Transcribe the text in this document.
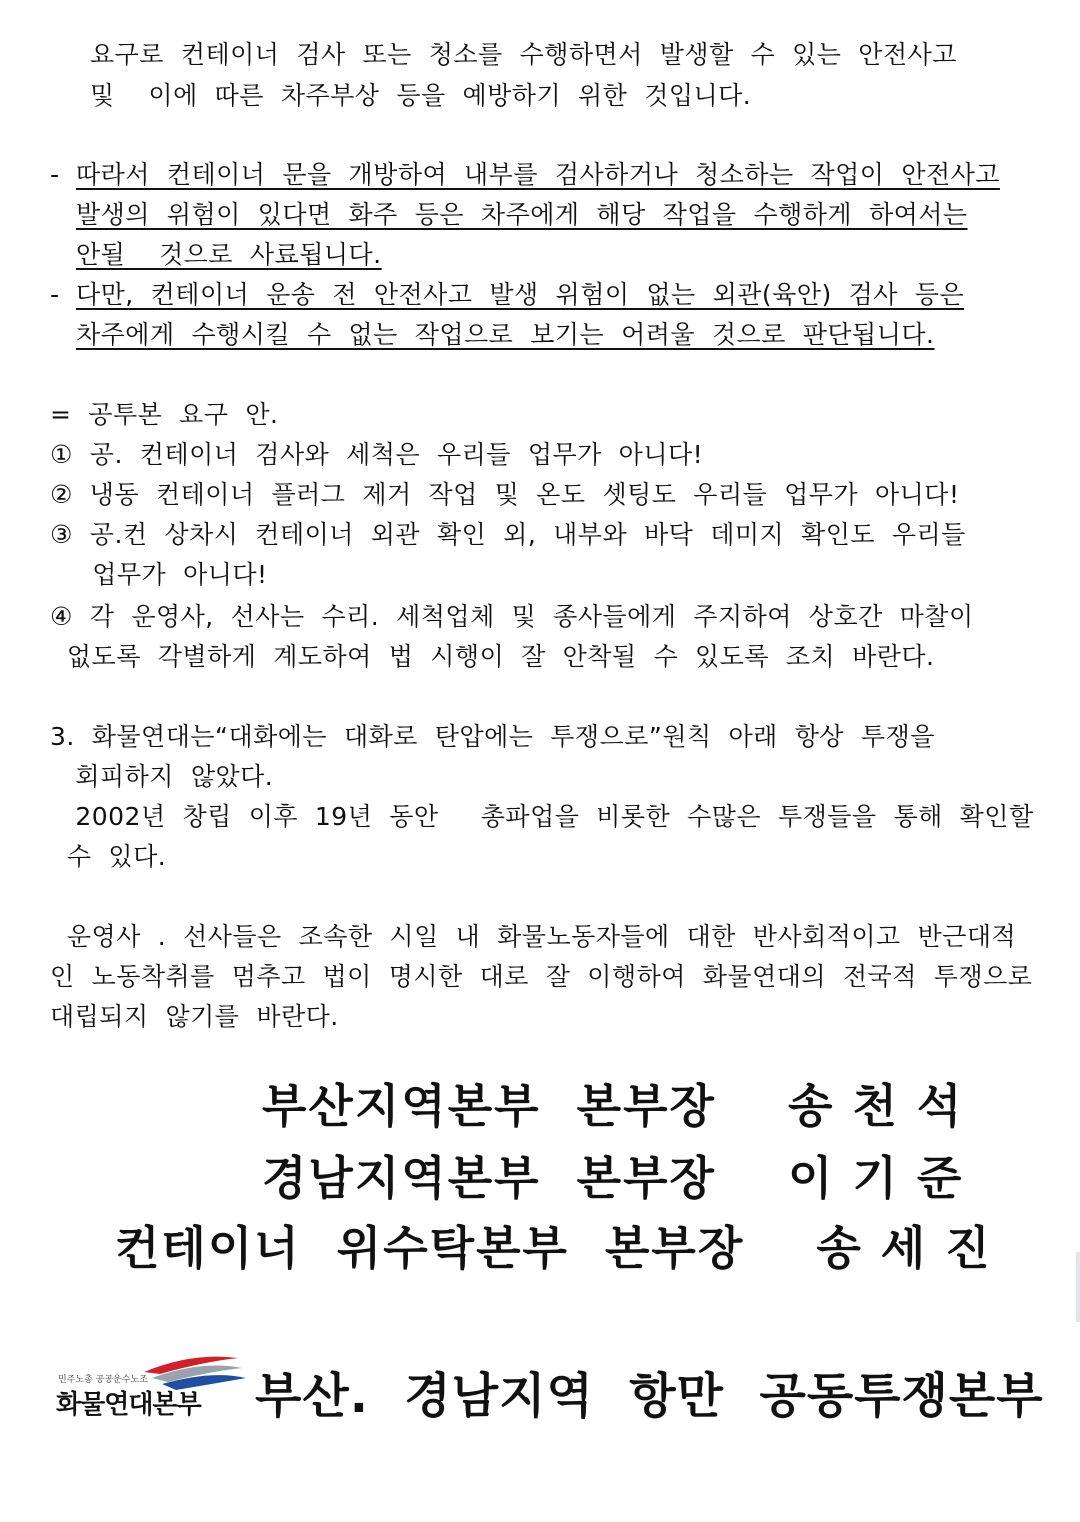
요구로  컨테이너  검사  또는  청소를  수행하면서  발생할  수  있는  안전사고
및    이에  따른  차주부상  등을  예방하기  위한  것입니다.
- 따라서  컨테이너  문을  개방하여  내부를  검사하거나  청소하는  작업이  안전사고
발생의  위험이  있다면  화주  등은  차주에게  해당  작업을  수행하게  하여서는
안될    것으로  사료됩니다.
- 다만,  컨테이너  운송  전  안전사고  발생  위험이  없는  외관(육안)  검사  등은
차주에게  수행시킬  수  없는  작업으로  보기는  어려울  것으로  판단됩니다.
=  공투본  요구  안.
①  공.  컨테이너  검사와  세척은  우리들  업무가  아니다!
②  냉동  컨테이너  플러그  제거  작업  및  온도  셋팅도  우리들  업무가  아니다!
③  공.컨  상차시  컨테이너  외관  확인  외,  내부와  바닥  데미지  확인도  우리들
업무가  아니다!
④  각  운영사,  선사는  수리.  세척업체  및  종사들에게  주지하여  상호간  마찰이
없도록  각별하게  계도하여  법  시행이  잘  안착될  수  있도록  조치  바란다.
3.  화물연대는“대화에는  대화로  탄압에는  투쟁으로”원칙  아래  항상  투쟁을
회피하지  않았다.
2002년  창립  이후  19년  동안     총파업을  비롯한  수많은  투쟁들을  통해  확인할
수  있다.
운영사  .  선사들은  조속한  시일  내  화물노동자들에  대한  반사회적이고  반근대적
인  노동착취를  멈추고  법이  명시한  대로  잘  이행하여  화물연대의  전국적  투쟁으로
대립되지  않기를  바란다.
부산지역본부  본부장    송 천 석
경남지역본부  본부장    이 기 준
컨테이너  위수탁본부  본부장    송 세 진
민주노총 공공운수노조
화물연대본부 부산.  경남지역  항만  공동투쟁본부
